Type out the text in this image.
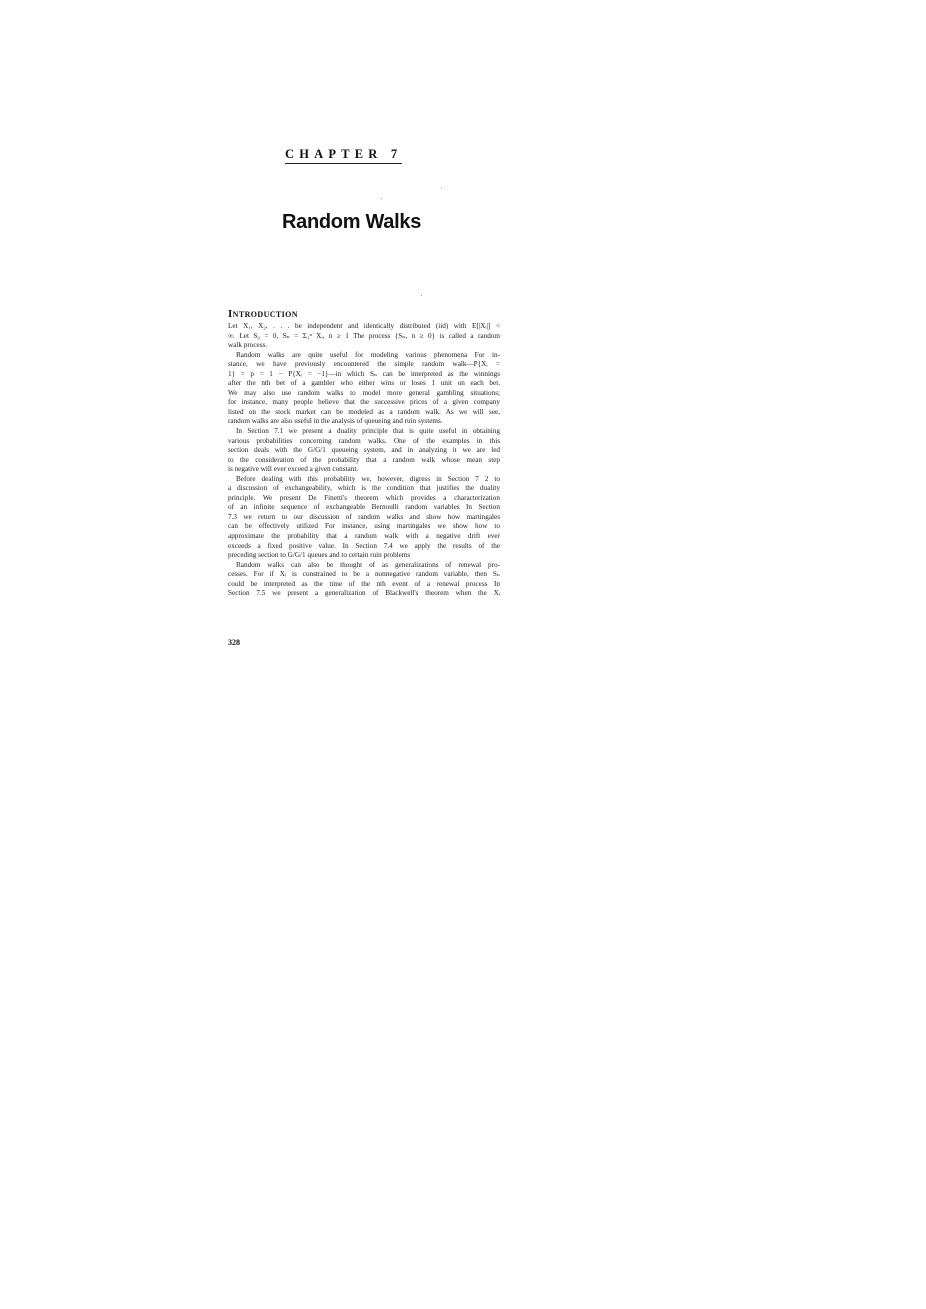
CHAPTER 7
Random Walks
Introduction
Let X₁, X₂, . . . be independent and identically distributed (iid) with E[|Xᵢ|] <
∞. Let S₀ = 0, Sₙ = Σ₁ⁿ Xᵢ, n ≥ 1 The process {Sₙ, n ≥ 0} is called a random
walk process.
Random walks are quite useful for modeling various phenomena For in-
stance, we have previously encountered the simple random walk—P{Xᵢ =
1} = p = 1 − P{Xᵢ = −1}—in which Sₙ can be interpreted as the winnings
after the nth bet of a gambler who either wins or loses 1 unit on each bet.
We may also use random walks to model more general gambling situations;
for instance, many people believe that the successive prices of a given company
listed on the stock market can be modeled as a random walk. As we will see,
random walks are also useful in the analysis of queueing and ruin systems.
In Section 7.1 we present a duality principle that is quite useful in obtaining
various probabilities concerning random walks. One of the examples in this
section deals with the G/G/1 queueing system, and in analyzing it we are led
to the consideration of the probability that a random walk whose mean step
is negative will ever exceed a given constant.
Before dealing with this probability we, however, digress in Section 7 2 to
a discussion of exchangeability, which is the condition that justifies the duality
principle. We present De Finetti's theorem which provides a characterization
of an infinite sequence of exchangeable Bernoulli random variables In Section
7.3 we return to our discussion of random walks and show how martingales
can be effectively utilized For instance, using martingales we show how to
approximate the probability that a random walk with a negative drift ever
exceeds a fixed positive value. In Section 7.4 we apply the results of the
preceding section to G/G/1 queues and to certain ruin problems
Random walks can also be thought of as generalizations of renewal pro-
cesses. For if Xᵢ is constrained to be a nonnegative random variable, then Sₙ
could be interpreted as the time of the nth event of a renewal process In
Section 7.5 we present a generalization of Blackwell's theorem when the Xᵢ
328
